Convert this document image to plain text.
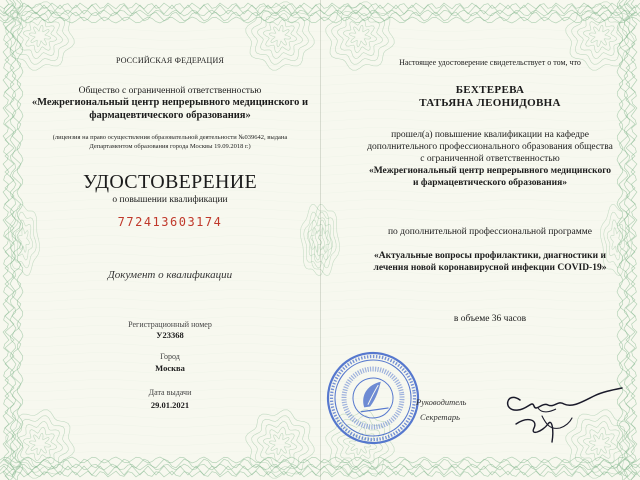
РОССИЙСКАЯ ФЕДЕРАЦИЯ
Общество с ограниченной ответственностью
«Межрегиональный центр непрерывного медицинского и
фармацевтического образования»
(лицензия на право осуществления образовательной деятельности №039642, выдана
Департаментом образования города Москвы 19.09.2018 г.)
УДОСТОВЕРЕНИЕ
о повышении квалификации
772413603174
Документ о квалификации
Регистрационный номер
У23368
Город
Москва
Дата выдачи
29.01.2021
Настоящее удостоверение свидетельствует о том, что
БЕХТЕРЕВА
ТАТЬЯНА ЛЕОНИДОВНА
прошел(а) повышение квалификации на кафедре
дополнительного профессионального образования общества
с ограниченной ответственностью
«Межрегиональный центр непрерывного медицинского
и фармацевтического образования»
по дополнительной профессиональной программе
«Актуальные вопросы профилактики, диагностики и
лечения новой коронавирусной инфекции COVID-19»
в объеме 36 часов
Руководитель
Секретарь
